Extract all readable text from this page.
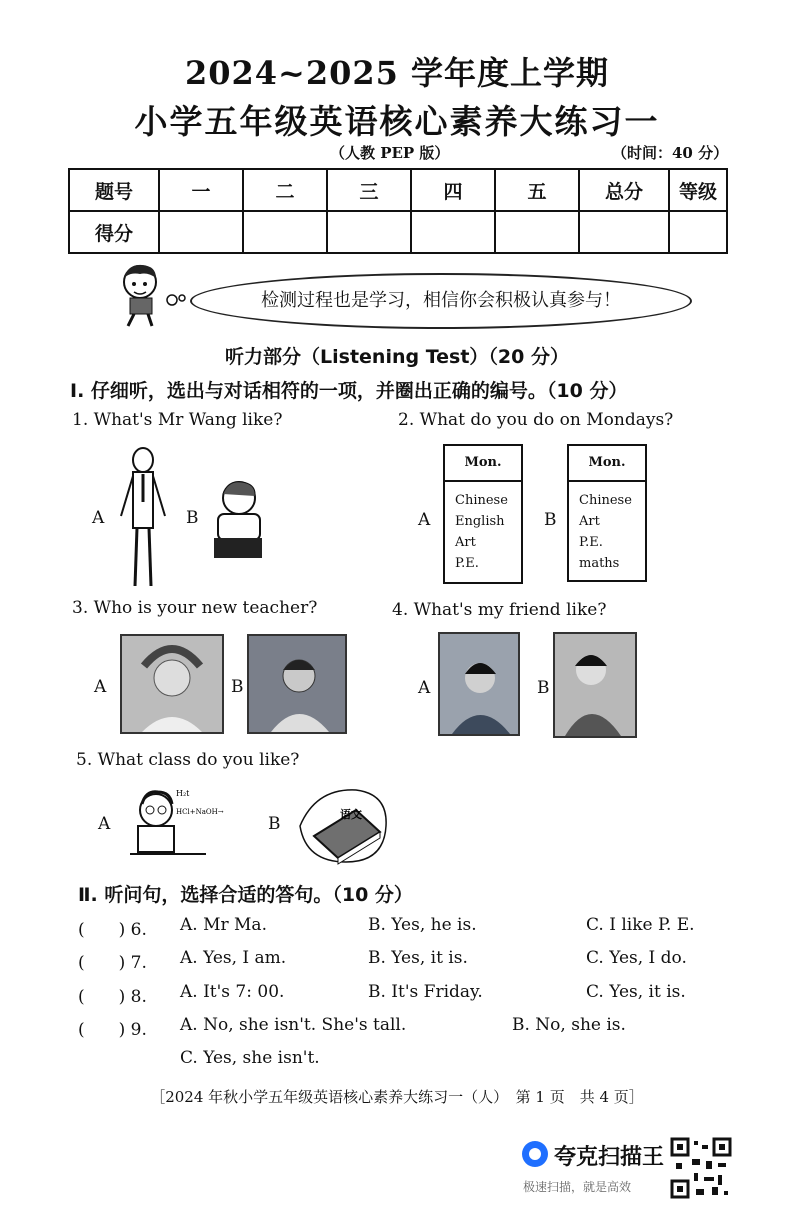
2024~2025 学年度上学期
小学五年级英语核心素养大练习一
（人教 PEP 版）	（时间：40 分）
题号	一	二	三	四	五	总分	等级
得分							
检测过程也是学习，相信你会积极认真参与！
听力部分（Listening Test）（20 分）
Ⅰ. 仔细听，选出与对话相符的一项，并圈出正确的编号。（10 分）
1. What's Mr Wang like?
A	B
2. What do you do on Mondays?
A
Mon.
Chinese
English
Art
P.E.
B
Mon.
Chinese
Art
P.E.
maths
3. Who is your new teacher?
A	B
4. What's my friend like?
A	B
5. What class do you like?
A
H₂t
HCl+NaOH→
B	语文
Ⅱ. 听问句，选择合适的答句。（10 分）
(　　) 6. A. Mr Ma.	B. Yes, he is.	C. I like P. E.
(　　) 7. A. Yes, I am.	B. Yes, it is.	C. Yes, I do.
(　　) 8. A. It's 7: 00.	B. It's Friday.	C. Yes, it is.
(　　) 9. A. No, she isn't. She's tall.	B. No, she is.
C. Yes, she isn't.
［2024 年秋小学五年级英语核心素养大练习一（人）　第 1 页　共 4 页］
夸克扫描王
极速扫描，就是高效
